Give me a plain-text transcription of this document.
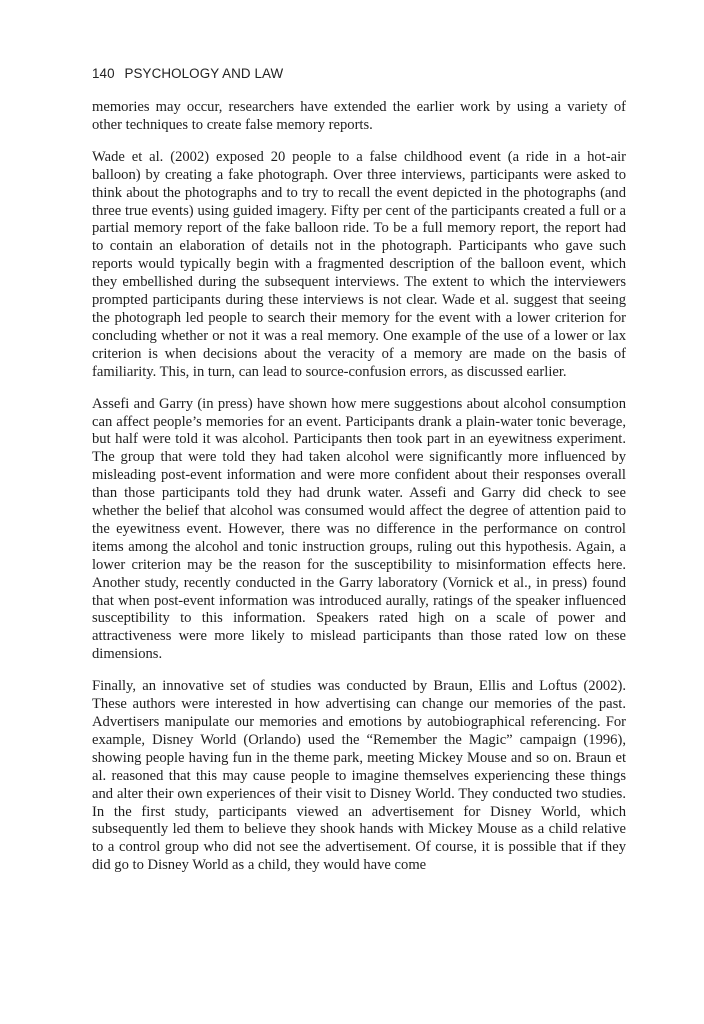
140 PSYCHOLOGY AND LAW

memories may occur, researchers have extended the earlier work by using a variety of other techniques to create false memory reports.

Wade et al. (2002) exposed 20 people to a false childhood event (a ride in a hot-air balloon) by creating a fake photograph. Over three interviews, participants were asked to think about the photographs and to try to recall the event depicted in the photographs (and three true events) using guided imagery. Fifty per cent of the participants created a full or a partial memory report of the fake balloon ride. To be a full memory report, the report had to contain an elaboration of details not in the photograph. Participants who gave such reports would typically begin with a fragmented description of the balloon event, which they embellished during the subsequent interviews. The extent to which the interviewers prompted participants during these interviews is not clear. Wade et al. suggest that seeing the photograph led people to search their memory for the event with a lower criterion for concluding whether or not it was a real memory. One example of the use of a lower or lax criterion is when decisions about the veracity of a memory are made on the basis of familiarity. This, in turn, can lead to source-confusion errors, as discussed earlier.

Assefi and Garry (in press) have shown how mere suggestions about alcohol consumption can affect people’s memories for an event. Participants drank a plain-water tonic beverage, but half were told it was alcohol. Participants then took part in an eyewitness experiment. The group that were told they had taken alcohol were significantly more influenced by misleading post-event information and were more confident about their responses overall than those participants told they had drunk water. Assefi and Garry did check to see whether the belief that alcohol was consumed would affect the degree of attention paid to the eyewitness event. However, there was no difference in the performance on control items among the alcohol and tonic instruction groups, ruling out this hypothesis. Again, a lower criterion may be the reason for the susceptibility to misinformation effects here. Another study, recently conducted in the Garry laboratory (Vornick et al., in press) found that when post-event information was introduced aurally, ratings of the speaker influenced susceptibility to this information. Speakers rated high on a scale of power and attractiveness were more likely to mislead participants than those rated low on these dimensions.

Finally, an innovative set of studies was conducted by Braun, Ellis and Loftus (2002). These authors were interested in how advertising can change our memories of the past. Advertisers manipulate our memories and emotions by autobiographical referencing. For example, Disney World (Orlando) used the “Remember the Magic” campaign (1996), showing people having fun in the theme park, meeting Mickey Mouse and so on. Braun et al. reasoned that this may cause people to imagine themselves experiencing these things and alter their own experiences of their visit to Disney World. They conducted two studies. In the first study, participants viewed an advertisement for Disney World, which subsequently led them to believe they shook hands with Mickey Mouse as a child relative to a control group who did not see the advertisement. Of course, it is possible that if they did go to Disney World as a child, they would have come
